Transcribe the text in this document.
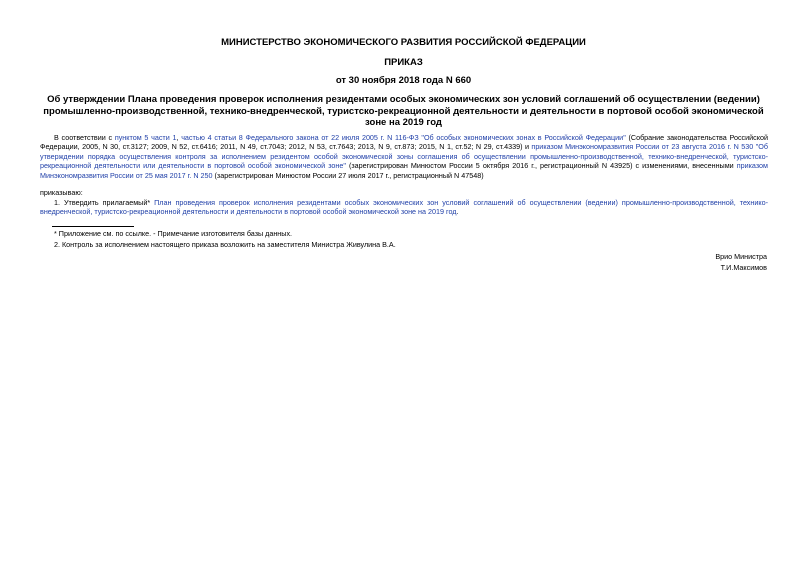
МИНИСТЕРСТВО ЭКОНОМИЧЕСКОГО РАЗВИТИЯ РОССИЙСКОЙ ФЕДЕРАЦИИ
ПРИКАЗ
от 30 ноября 2018 года N 660
Об утверждении Плана проведения проверок исполнения резидентами особых экономических зон условий соглашений об осуществлении (ведении) промышленно-производственной, технико-внедренческой, туристско-рекреационной деятельности и деятельности в портовой особой экономической зоне на 2019 год
В соответствии с пунктом 5 части 1, частью 4 статьи 8 Федерального закона от 22 июля 2005 г. N 116-ФЗ "Об особых экономических зонах в Российской Федерации" (Собрание законодательства Российской Федерации, 2005, N 30, ст.3127; 2009, N 52, ст.6416; 2011, N 49, ст.7043; 2012, N 53, ст.7643; 2013, N 9, ст.873; 2015, N 1, ст.52; N 29, ст.4339) и приказом Минэкономразвития России от 23 августа 2016 г. N 530 "Об утверждении порядка осуществления контроля за исполнением резидентом особой экономической зоны соглашения об осуществлении промышленно-производственной, технико-внедренческой, туристско-рекреационной деятельности или деятельности в портовой особой экономической зоне" (зарегистрирован Минюстом России 5 октября 2016 г., регистрационный N 43925) с изменениями, внесенными приказом Минэкономразвития России от 25 мая 2017 г. N 250 (зарегистрирован Минюстом России 27 июля 2017 г., регистрационный N 47548)
приказываю:
1. Утвердить прилагаемый* План проведения проверок исполнения резидентами особых экономических зон условий соглашений об осуществлении (ведении) промышленно-производственной, технико-внедренческой, туристско-рекреационной деятельности и деятельности в портовой особой экономической зоне на 2019 год.
* Приложение см. по ссылке. - Примечание изготовителя базы данных.
2. Контроль за исполнением настоящего приказа возложить на заместителя Министра Живулина В.А.
Врио Министра
Т.И.Максимов
